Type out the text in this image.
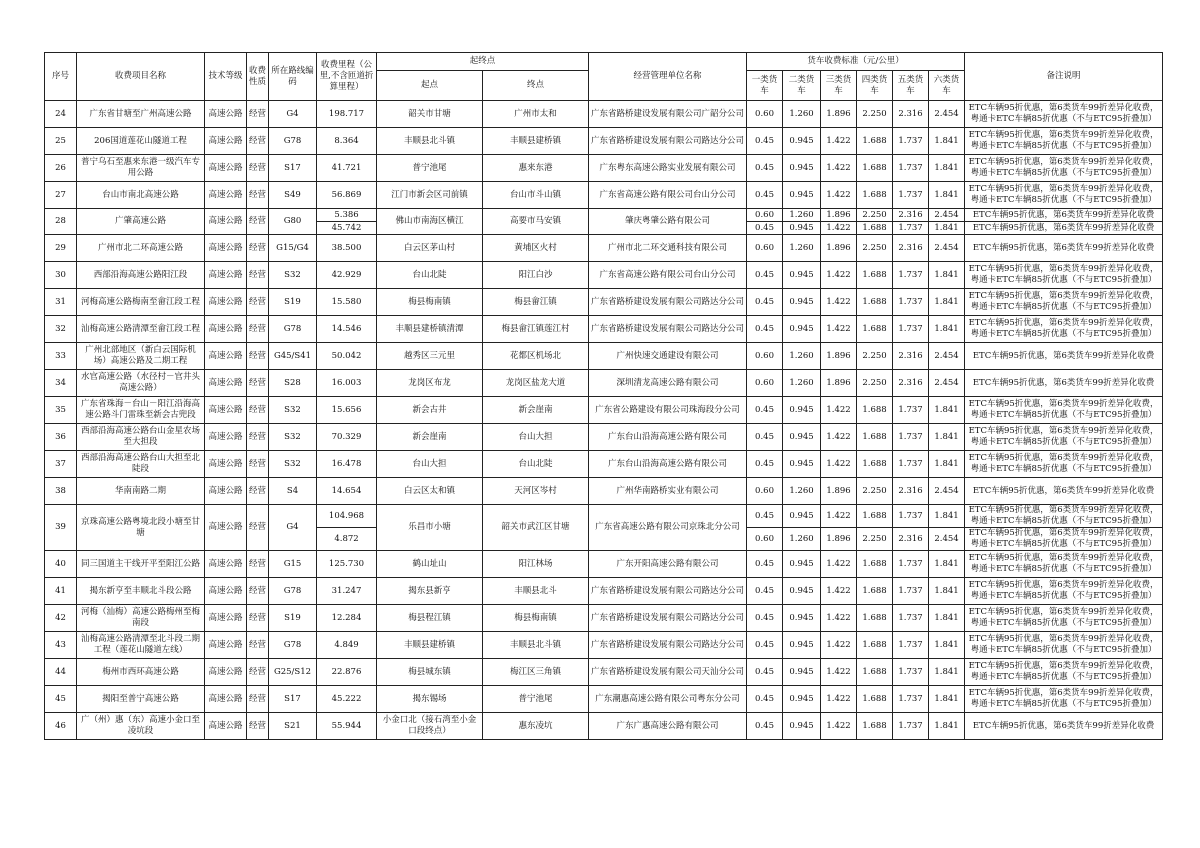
序号	收费项目名称	技术等级	收费性质	所在路线编码	收费里程（公里,不含匝道折算里程）	起终点		经营管理单位名称	货车收费标准（元/公里）						备注说明
						起点	终点		一类货车	二类货车	三类货车	四类货车	五类货车	六类货车	
24	广东省甘塘至广州高速公路	高速公路	经营	G4	198.717	韶关市甘塘	广州市太和	广东省路桥建设发展有限公司广韶分公司	0.60	1.260	1.896	2.250	2.316	2.454	ETC车辆95折优惠，第6类货车99折差异化收费，粤通卡ETC车辆85折优惠（不与ETC95折叠加）
25	206国道莲花山隧道工程	高速公路	经营	G78	8.364	丰顺县北斗镇	丰顺县建桥镇	广东省路桥建设发展有限公司路达分公司	0.45	0.945	1.422	1.688	1.737	1.841	ETC车辆95折优惠，第6类货车99折差异化收费，粤通卡ETC车辆85折优惠（不与ETC95折叠加）
26	普宁乌石至惠来东港一级汽车专用公路	高速公路	经营	S17	41.721	普宁池尾	惠来东港	广东粤东高速公路实业发展有限公司	0.45	0.945	1.422	1.688	1.737	1.841	ETC车辆95折优惠，第6类货车99折差异化收费，粤通卡ETC车辆85折优惠（不与ETC95折叠加）
27	台山市南北高速公路	高速公路	经营	S49	56.869	江门市新会区司前镇	台山市斗山镇	广东省高速公路有限公司台山分公司	0.45	0.945	1.422	1.688	1.737	1.841	ETC车辆95折优惠，第6类货车99折差异化收费，粤通卡ETC车辆85折优惠（不与ETC95折叠加）
28	广肇高速公路	高速公路	经营	G80	5.386	佛山市南海区横江	高要市马安镇	肇庆粤肇公路有限公司	0.60	1.260	1.896	2.250	2.316	2.454	ETC车辆95折优惠，第6类货车99折差异化收费
					45.742				0.45	0.945	1.422	1.688	1.737	1.841	ETC车辆95折优惠，第6类货车99折差异化收费
29	广州市北二环高速公路	高速公路	经营	G15/G4	38.500	白云区茅山村	黄埔区火村	广州市北二环交通科技有限公司	0.60	1.260	1.896	2.250	2.316	2.454	ETC车辆95折优惠，第6类货车99折差异化收费
30	西部沿海高速公路阳江段	高速公路	经营	S32	42.929	台山北陡	阳江白沙	广东省高速公路有限公司台山分公司	0.45	0.945	1.422	1.688	1.737	1.841	ETC车辆95折优惠，第6类货车99折差异化收费，粤通卡ETC车辆85折优惠（不与ETC95折叠加）
31	河梅高速公路梅南至畲江段工程	高速公路	经营	S19	15.580	梅县梅南镇	梅县畲江镇	广东省路桥建设发展有限公司路达分公司	0.45	0.945	1.422	1.688	1.737	1.841	ETC车辆95折优惠，第6类货车99折差异化收费，粤通卡ETC车辆85折优惠（不与ETC95折叠加）
32	汕梅高速公路清潭至畲江段工程	高速公路	经营	G78	14.546	丰顺县建桥镇清潭	梅县畲江镇莲江村	广东省路桥建设发展有限公司路达分公司	0.45	0.945	1.422	1.688	1.737	1.841	ETC车辆95折优惠，第6类货车99折差异化收费，粤通卡ETC车辆85折优惠（不与ETC95折叠加）
33	广州北部地区（新白云国际机场）高速公路及二期工程	高速公路	经营	G45/S41	50.042	越秀区三元里	花都区机场北	广州快速交通建设有限公司	0.60	1.260	1.896	2.250	2.316	2.454	ETC车辆95折优惠，第6类货车99折差异化收费
34	水官高速公路（水径村－官井头高速公路）	高速公路	经营	S28	16.003	龙岗区布龙	龙岗区盐龙大道	深圳清龙高速公路有限公司	0.60	1.260	1.896	2.250	2.316	2.454	ETC车辆95折优惠，第6类货车99折差异化收费
35	广东省珠海－台山－阳江沿海高速公路斗门雷珠至新会古兜段	高速公路	经营	S32	15.656	新会古井	新会崖南	广东省公路建设有限公司珠海段分公司	0.45	0.945	1.422	1.688	1.737	1.841	ETC车辆95折优惠，第6类货车99折差异化收费，粤通卡ETC车辆85折优惠（不与ETC95折叠加）
36	西部沿海高速公路台山金星农场至大担段	高速公路	经营	S32	70.329	新会崖南	台山大担	广东台山沿海高速公路有限公司	0.45	0.945	1.422	1.688	1.737	1.841	ETC车辆95折优惠，第6类货车99折差异化收费，粤通卡ETC车辆85折优惠（不与ETC95折叠加）
37	西部沿海高速公路台山大担至北陡段	高速公路	经营	S32	16.478	台山大担	台山北陡	广东台山沿海高速公路有限公司	0.45	0.945	1.422	1.688	1.737	1.841	ETC车辆95折优惠，第6类货车99折差异化收费，粤通卡ETC车辆85折优惠（不与ETC95折叠加）
38	华南南路二期	高速公路	经营	S4	14.654	白云区太和镇	天河区岑村	广州华南路桥实业有限公司	0.60	1.260	1.896	2.250	2.316	2.454	ETC车辆95折优惠，第6类货车99折差异化收费
39	京珠高速公路粤境北段小塘至甘塘	高速公路	经营	G4	104.968	乐昌市小塘	韶关市武江区甘塘	广东省高速公路有限公司京珠北分公司	0.45	0.945	1.422	1.688	1.737	1.841	ETC车辆95折优惠，第6类货车99折差异化收费，粤通卡ETC车辆85折优惠（不与ETC95折叠加）
					4.872				0.60	1.260	1.896	2.250	2.316	2.454	ETC车辆95折优惠，第6类货车99折差异化收费，粤通卡ETC车辆85折优惠（不与ETC95折叠加）
40	同三国道主干线开平至阳江公路	高速公路	经营	G15	125.730	鹤山址山	阳江林场	广东开阳高速公路有限公司	0.45	0.945	1.422	1.688	1.737	1.841	ETC车辆95折优惠，第6类货车99折差异化收费，粤通卡ETC车辆85折优惠（不与ETC95折叠加）
41	揭东新亨至丰顺北斗段公路	高速公路	经营	G78	31.247	揭东县新亨	丰顺县北斗	广东省路桥建设发展有限公司路达分公司	0.45	0.945	1.422	1.688	1.737	1.841	ETC车辆95折优惠，第6类货车99折差异化收费，粤通卡ETC车辆85折优惠（不与ETC95折叠加）
42	河梅（汕梅）高速公路梅州至梅南段	高速公路	经营	S19	12.284	梅县程江镇	梅县梅南镇	广东省路桥建设发展有限公司路达分公司	0.45	0.945	1.422	1.688	1.737	1.841	ETC车辆95折优惠，第6类货车99折差异化收费，粤通卡ETC车辆85折优惠（不与ETC95折叠加）
43	汕梅高速公路清潭至北斗段二期工程（莲花山隧道左线）	高速公路	经营	G78	4.849	丰顺县建桥镇	丰顺县北斗镇	广东省路桥建设发展有限公司路达分公司	0.45	0.945	1.422	1.688	1.737	1.841	ETC车辆95折优惠，第6类货车99折差异化收费，粤通卡ETC车辆85折优惠（不与ETC95折叠加）
44	梅州市西环高速公路	高速公路	经营	G25/S12	22.876	梅县城东镇	梅江区三角镇	广东省路桥建设发展有限公司天汕分公司	0.45	0.945	1.422	1.688	1.737	1.841	ETC车辆95折优惠，第6类货车99折差异化收费，粤通卡ETC车辆85折优惠（不与ETC95折叠加）
45	揭阳至普宁高速公路	高速公路	经营	S17	45.222	揭东锡场	普宁池尾	广东潮惠高速公路有限公司粤东分公司	0.45	0.945	1.422	1.688	1.737	1.841	ETC车辆95折优惠，第6类货车99折差异化收费，粤通卡ETC车辆85折优惠（不与ETC95折叠加）
46	广（州）惠（东）高速小金口至凌坑段	高速公路	经营	S21	55.944	小金口北（接石湾至小金口段终点）	惠东凌坑	广东广惠高速公路有限公司	0.45	0.945	1.422	1.688	1.737	1.841	ETC车辆95折优惠，第6类货车99折差异化收费
